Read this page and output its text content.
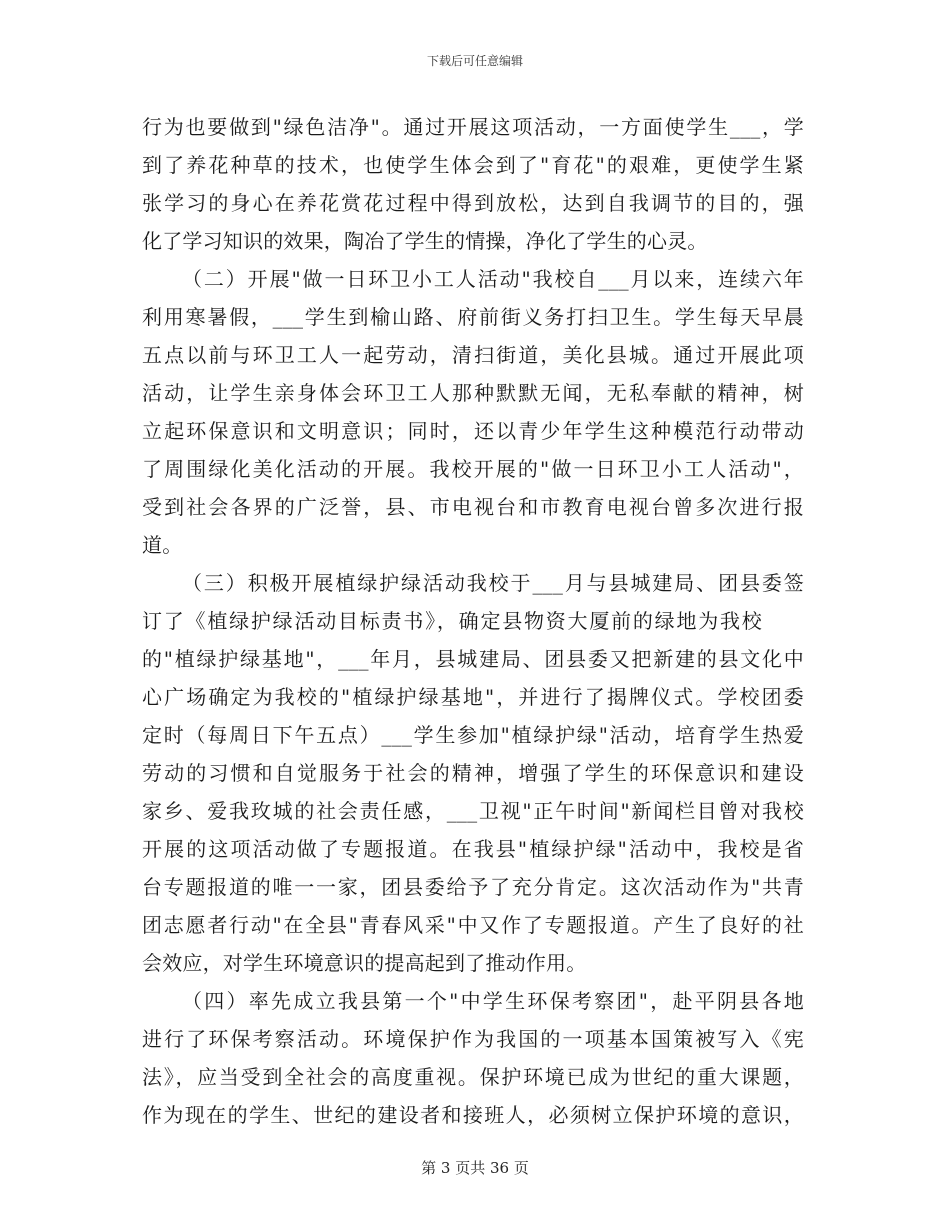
下载后可任意编辑
行为也要做到"绿色洁净"。通过开展这项活动，一方面使学生___，学
到了养花种草的技术，也使学生体会到了"育花"的艰难，更使学生紧
张学习的身心在养花赏花过程中得到放松，达到自我调节的目的，强
化了学习知识的效果，陶冶了学生的情操，净化了学生的心灵。
（二）开展"做一日环卫小工人活动"我校自___月以来，连续六年
利用寒暑假，___学生到榆山路、府前街义务打扫卫生。学生每天早晨
五点以前与环卫工人一起劳动，清扫街道，美化县城。通过开展此项
活动，让学生亲身体会环卫工人那种默默无闻，无私奉献的精神，树
立起环保意识和文明意识；同时，还以青少年学生这种模范行动带动
了周围绿化美化活动的开展。我校开展的"做一日环卫小工人活动"，
受到社会各界的广泛誉，县、市电视台和市教育电视台曾多次进行报
道。
（三）积极开展植绿护绿活动我校于___月与县城建局、团县委签
订了《植绿护绿活动目标责书》，确定县物资大厦前的绿地为我校
的"植绿护绿基地"，___年月，县城建局、团县委又把新建的县文化中
心广场确定为我校的"植绿护绿基地"，并进行了揭牌仪式。学校团委
定时（每周日下午五点）___学生参加"植绿护绿"活动，培育学生热爱
劳动的习惯和自觉服务于社会的精神，增强了学生的环保意识和建设
家乡、爱我玫城的社会责任感，___卫视"正午时间"新闻栏目曾对我校
开展的这项活动做了专题报道。在我县"植绿护绿"活动中，我校是省
台专题报道的唯一一家，团县委给予了充分肯定。这次活动作为"共青
团志愿者行动"在全县"青春风采"中又作了专题报道。产生了良好的社
会效应，对学生环境意识的提高起到了推动作用。
（四）率先成立我县第一个"中学生环保考察团"，赴平阴县各地
进行了环保考察活动。环境保护作为我国的一项基本国策被写入《宪
法》，应当受到全社会的高度重视。保护环境已成为世纪的重大课题，
作为现在的学生、世纪的建设者和接班人，必须树立保护环境的意识，
第 3 页共 36 页
